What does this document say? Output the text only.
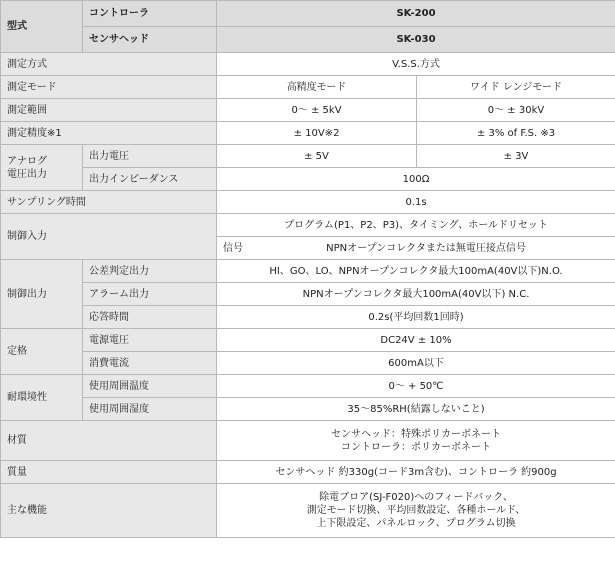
型式	コントローラ	SK-200	
	センサヘッド	SK-030	
測定方式		V.S.S.方式	
測定モード		高精度モード	ワイド レンジモード
測定範囲		0～ ± 5kV	0～ ± 30kV
測定精度※1		± 10V※2	± 3% of F.S. ※3

アナログ
電圧出力	出力電圧	± 5V	± 3V
	出力インピーダンス	100Ω	
サンプリング時間		0.1s	
制御入力		プログラム(P1、P2、P3)、タイミング、ホールドリセット	

		信号 NPNオープンコレクタまたは無電圧接点信号	
制御出力	公差判定出力	HI、GO、LO、NPNオープンコレクタ最大100mA(40V以下)N.O.	
	アラーム出力	NPNオープンコレクタ最大100mA(40V以下) N.C.	
	応答時間	0.2s(平均回数1回時)	
定格	電源電圧	DC24V ± 10%	
	消費電流	600mA以下	
耐環境性	使用周囲温度	0～ + 50℃	
	使用周囲湿度	35～85%RH(結露しないこと)	
材質		センサヘッド：特殊ポリカーボネート
コントローラ：ポリカーボネート	

質量		センサヘッド 約330g(コード3m含む)、コントローラ 約900g	
主な機能		除電ブロア(SJ-F020)へのフィードバック、
測定モード切換、平均回数設定、各種ホールド、
上下限設定、パネルロック、プログラム切換	
